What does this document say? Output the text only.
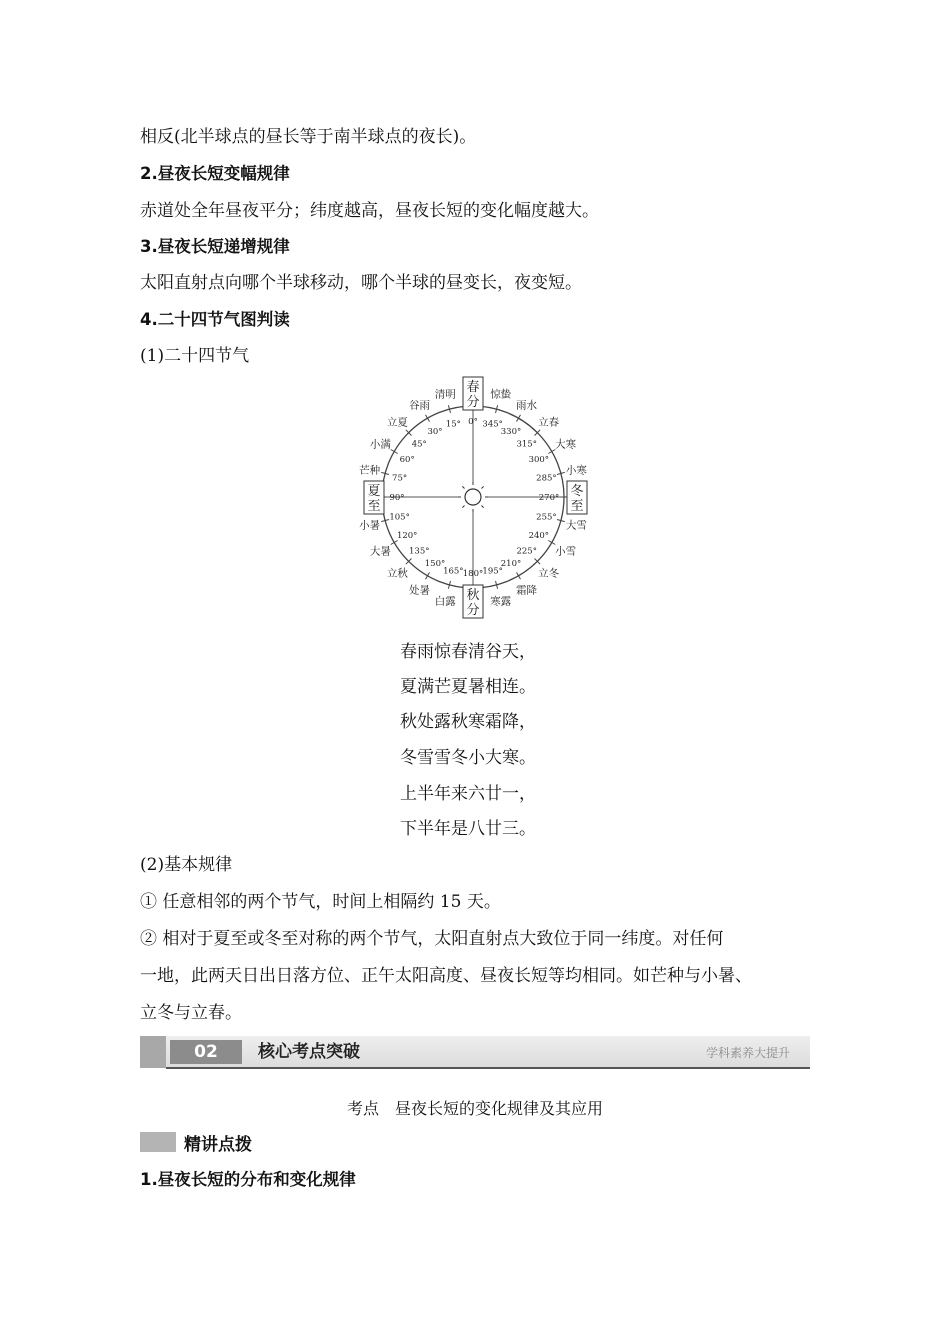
相反(北半球点的昼长等于南半球点的夜长)。
2.昼夜长短变幅规律
赤道处全年昼夜平分；纬度越高，昼夜长短的变化幅度越大。
3.昼夜长短递增规律
太阳直射点向哪个半球移动，哪个半球的昼变长，夜变短。
4.二十四节气图判读
(1)二十四节气
0°
15°
30°
45°
60°
75°
90°
105°
120°
135°
150°
165° 180° 195°
210°
225°
240°
255°
270°
285°
300°
315°
330°
345°
清明
谷雨
立夏
小满
芒种
小暑
大暑
立秋
处暑
白露	寒露
霜降
立冬
小雪
大雪
小寒
大寒
立春
雨水
惊蛰
春
分
冬
至
秋
分
夏
至
春雨惊春清谷天，
夏满芒夏暑相连。
秋处露秋寒霜降，
冬雪雪冬小大寒。
上半年来六廿一，
下半年是八廿三。
(2)基本规律
① 任意相邻的两个节气，时间上相隔约 15 天。
② 相对于夏至或冬至对称的两个节气，太阳直射点大致位于同一纬度。对任何
一地，此两天日出日落方位、正午太阳高度、昼夜长短等均相同。如芒种与小暑、
立冬与立春。
02	核心考点突破	学科素养大提升
考点　昼夜长短的变化规律及其应用
精讲点拨
1.昼夜长短的分布和变化规律
